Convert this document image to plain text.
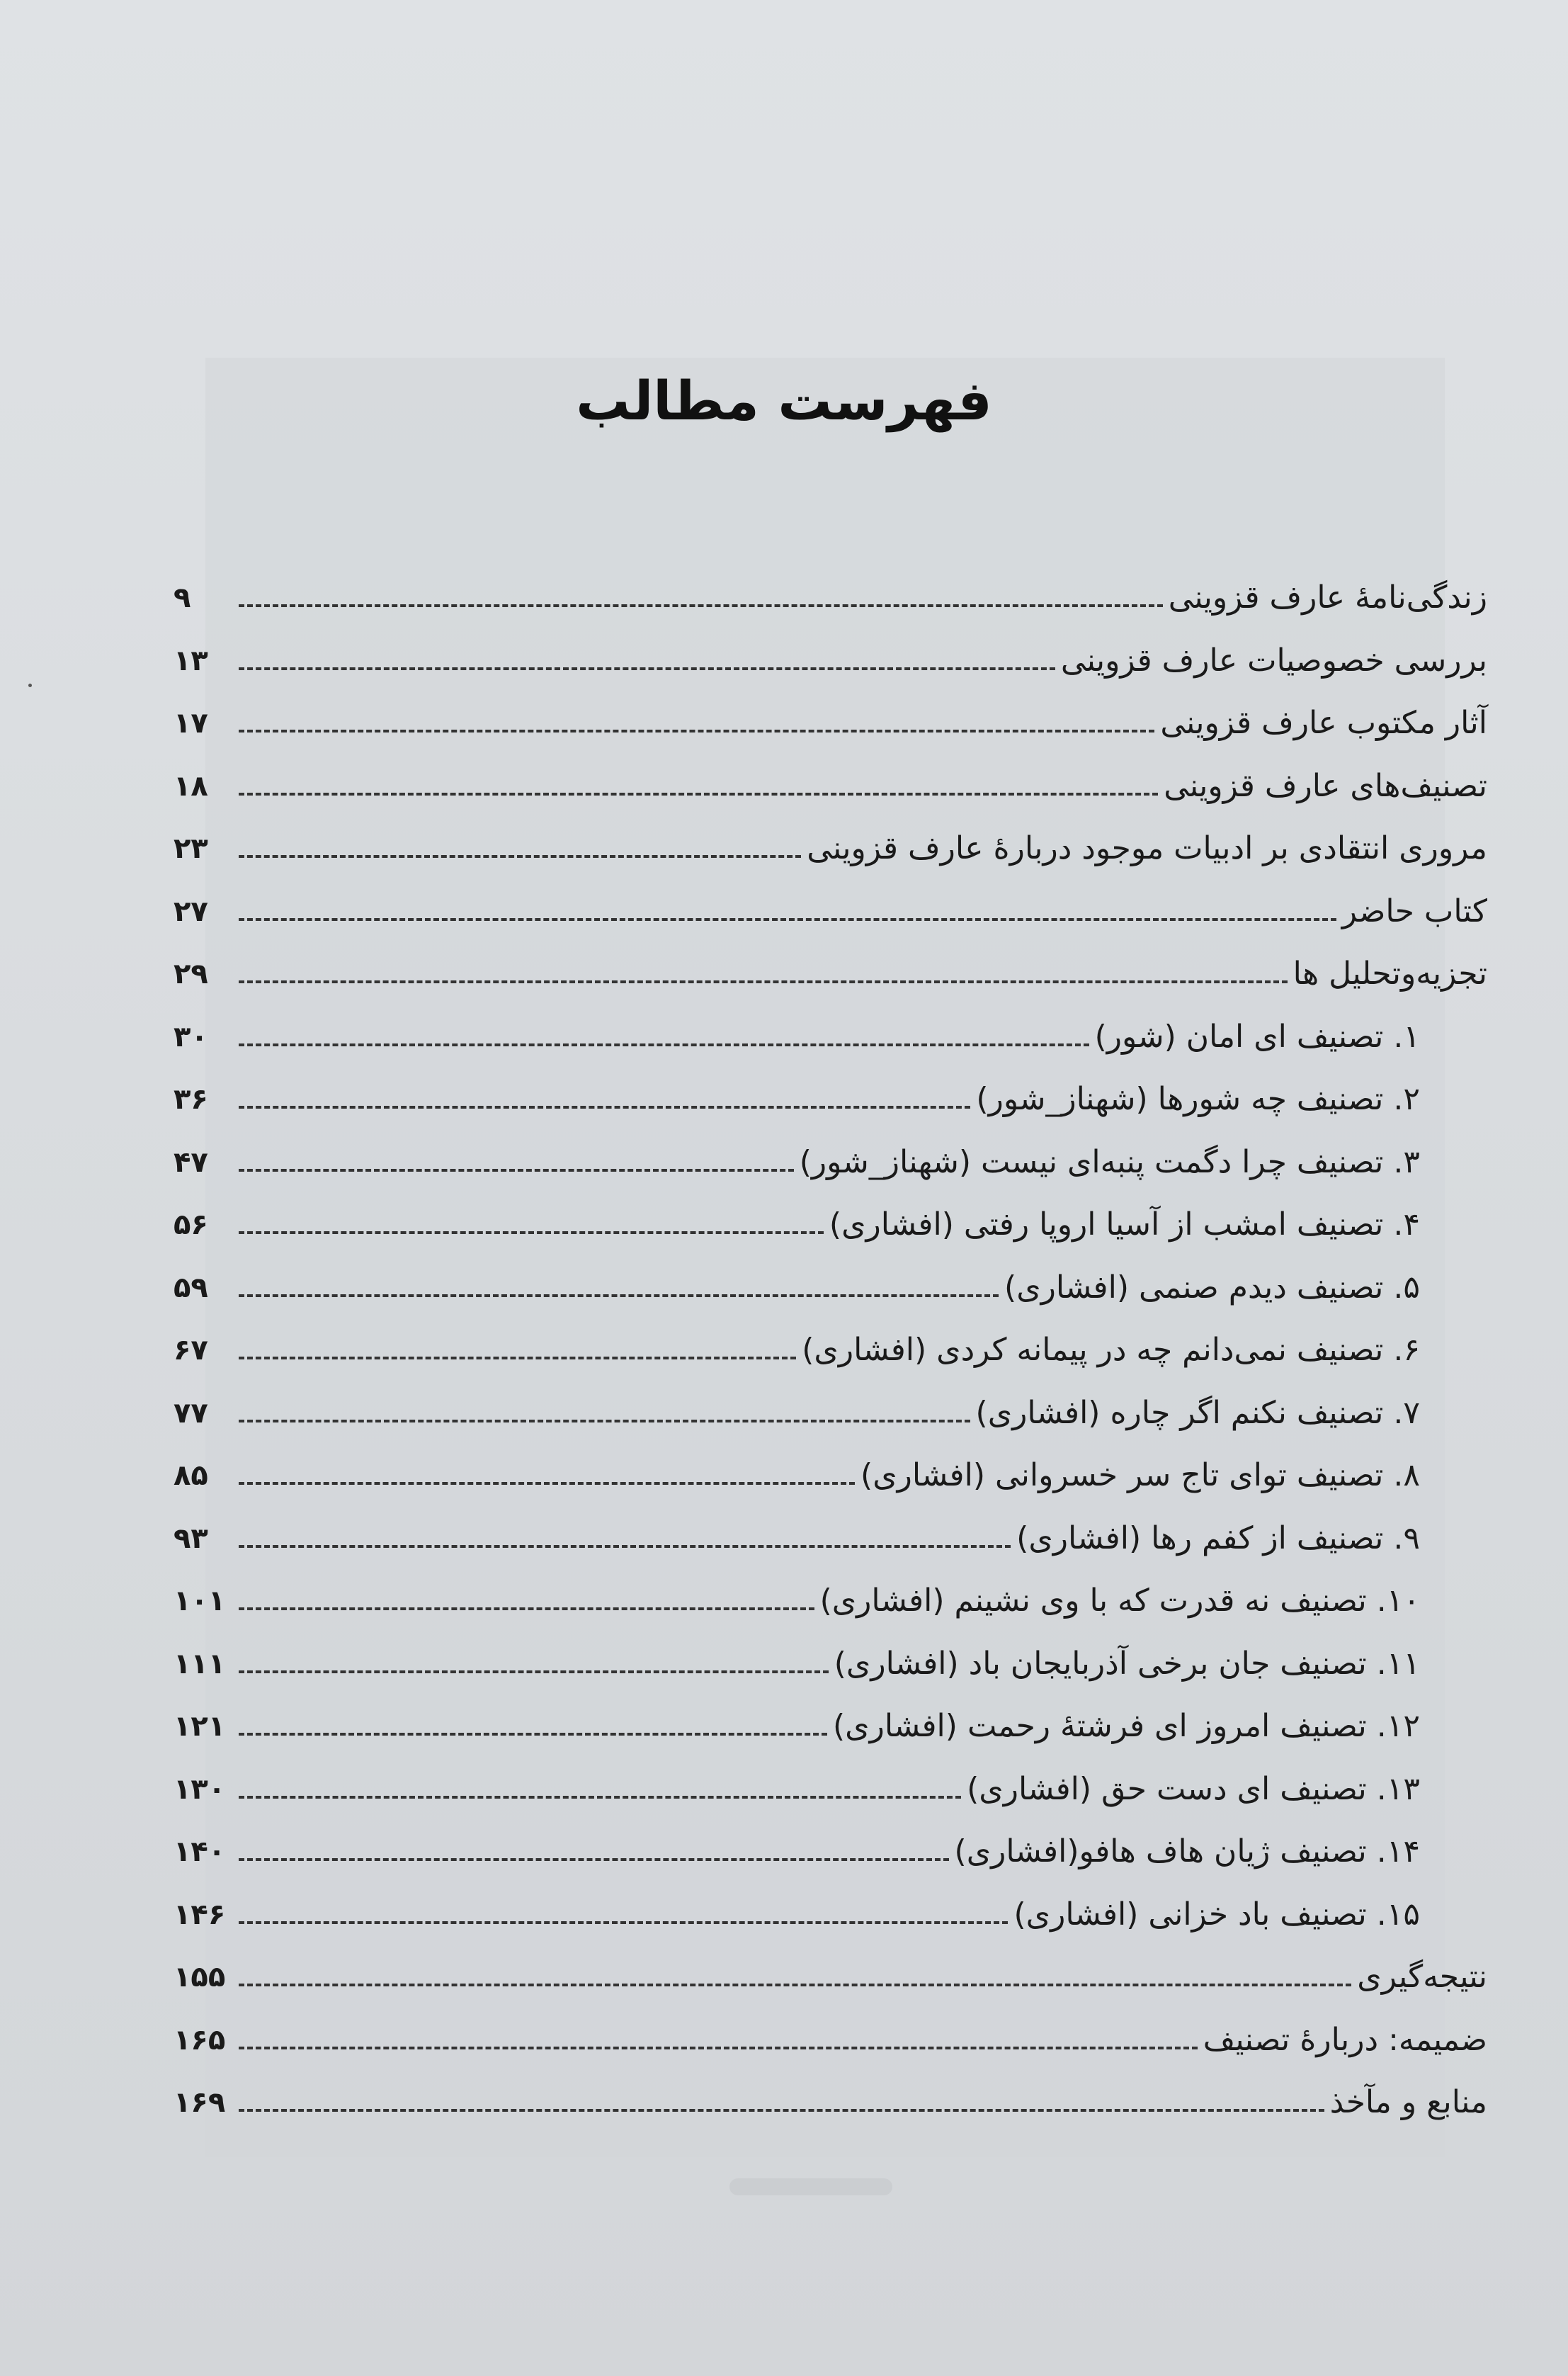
فهرست مطالب
زندگی‌نامهٔ عارف قزوینی
۹
بررسی خصوصیات عارف قزوینی
۱۳
آثار مکتوب عارف قزوینی
۱۷
تصنیف‌های عارف قزوینی
۱۸
مروری انتقادی بر ادبیات موجود دربارهٔ عارف قزوینی
۲۳
کتاب حاضر
۲۷
تجزیه‌وتحلیل ها
۲۹
۱. تصنیف ای امان (شور)
۳۰
۲. تصنیف چه شورها (شهناز_شور)
۳۶
۳. تصنیف چرا دگمت پنبه‌ای نیست (شهناز_شور)
۴۷
۴. تصنیف امشب از آسیا اروپا رفتی (افشاری)
۵۶
۵. تصنیف دیدم صنمی (افشاری)
۵۹
۶. تصنیف نمی‌دانم چه در پیمانه کردی (افشاری)
۶۷
۷. تصنیف نکنم اگر چاره (افشاری)
۷۷
۸. تصنیف توای تاج سر خسروانی (افشاری)
۸۵
۹. تصنیف از کفم رها (افشاری)
۹۳
۱۰. تصنیف نه قدرت که با وی نشینم (افشاری)
۱۰۱
۱۱. تصنیف جان برخی آذربایجان باد (افشاری)
۱۱۱
۱۲. تصنیف امروز ای فرشتهٔ رحمت (افشاری)
۱۲۱
۱۳. تصنیف ای دست حق (افشاری)
۱۳۰
۱۴. تصنیف ژیان هاف هافو(افشاری)
۱۴۰
۱۵. تصنیف باد خزانی (افشاری)
۱۴۶
نتیجه‌گیری
۱۵۵
ضمیمه: دربارهٔ تصنیف
۱۶۵
منابع و مآخذ
۱۶۹
